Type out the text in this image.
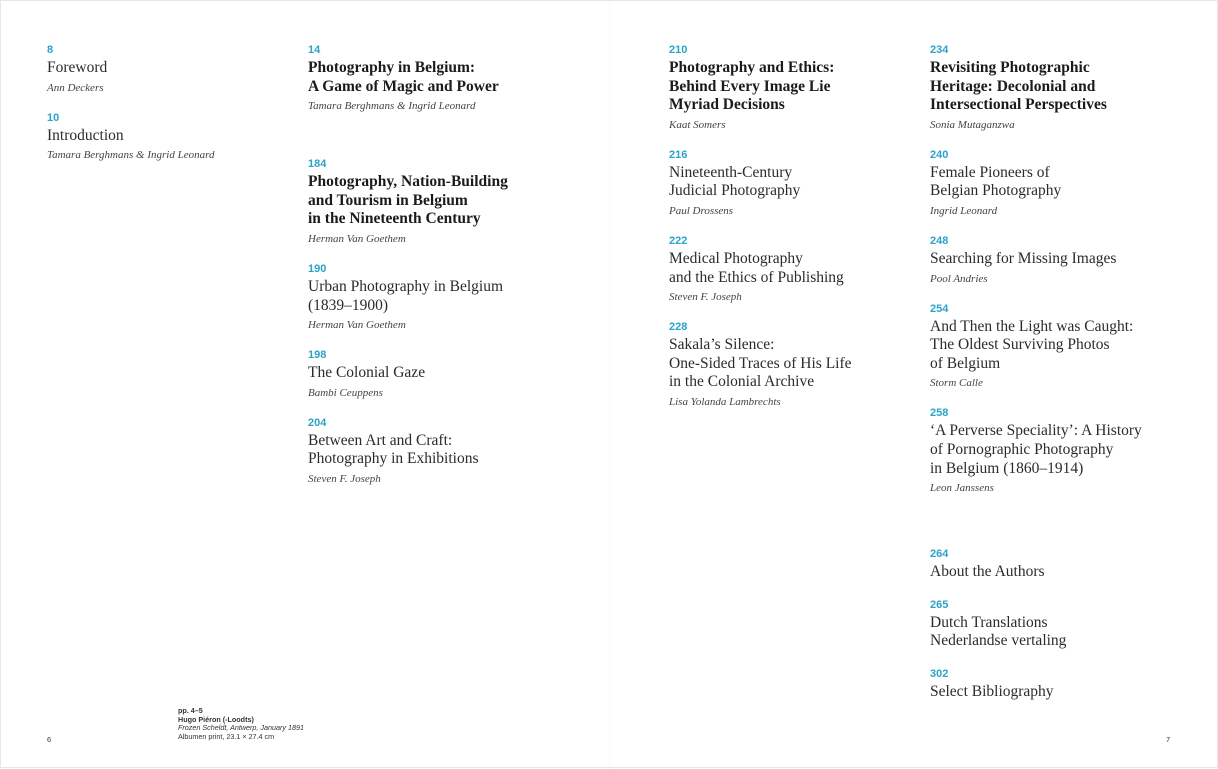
8
Foreword
Ann Deckers
10
Introduction
Tamara Berghmans & Ingrid Leonard
14
Photography in Belgium:
A Game of Magic and Power
Tamara Berghmans & Ingrid Leonard
184
Photography, Nation-Building
and Tourism in Belgium
in the Nineteenth Century
Herman Van Goethem
190
Urban Photography in Belgium
(1839–1900)
Herman Van Goethem
198
The Colonial Gaze
Bambi Ceuppens
204
Between Art and Craft:
Photography in Exhibitions
Steven F. Joseph
210
Photography and Ethics:
Behind Every Image Lie
Myriad Decisions
Kaat Somers
216
Nineteenth-Century
Judicial Photography
Paul Drossens
222
Medical Photography
and the Ethics of Publishing
Steven F. Joseph
228
Sakala’s Silence:
One-Sided Traces of His Life
in the Colonial Archive
Lisa Yolanda Lambrechts
234
Revisiting Photographic
Heritage: Decolonial and
Intersectional Perspectives
Sonia Mutaganzwa
240
Female Pioneers of
Belgian Photography
Ingrid Leonard
248
Searching for Missing Images
Pool Andries
254
And Then the Light was Caught:
The Oldest Surviving Photos
of Belgium
Storm Calle
258
‘A Perverse Speciality’: A History
of Pornographic Photography
in Belgium (1860–1914)
Leon Janssens
264
About the Authors
265
Dutch Translations
Nederlandse vertaling
302
Select Bibliography
pp. 4–5
Hugo Piéron (-Loodts)
Frozen Scheldt, Antwerp, January 1891
Albumen print, 23.1 × 27.4 cm
6	7
